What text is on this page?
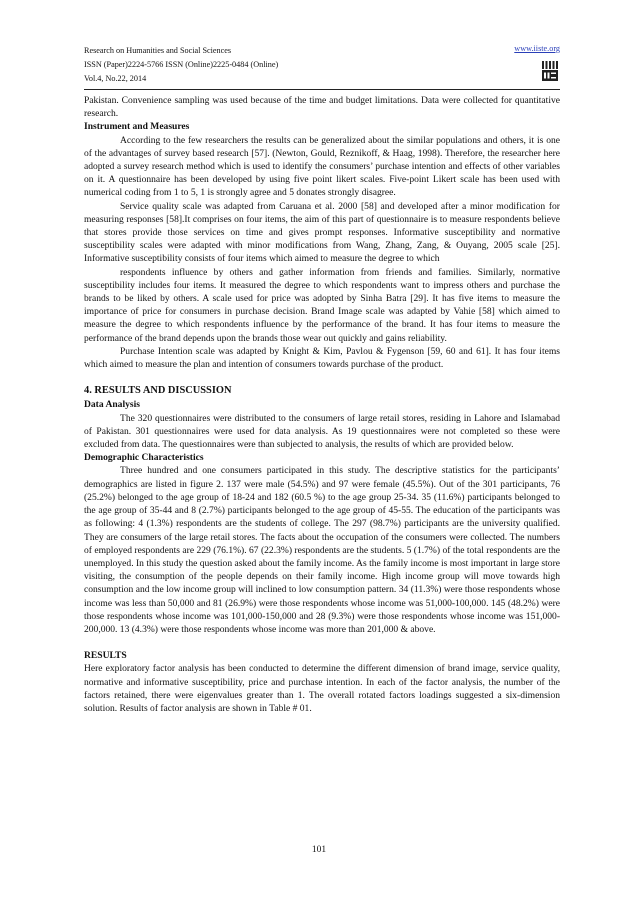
Research on Humanities and Social Sciences
ISSN (Paper)2224-5766 ISSN (Online)2225-0484 (Online)
Vol.4, No.22, 2014
www.iiste.org

Pakistan. Convenience sampling was used because of the time and budget limitations. Data were collected for quantitative research.

Instrument and Measures

According to the few researchers the results can be generalized about the similar populations and others, it is one of the advantages of survey based research [57]. (Newton, Gould, Reznikoff, & Haag, 1998). Therefore, the researcher here adopted a survey research method which is used to identify the consumers’ purchase intention and effects of other variables on it. A questionnaire has been developed by using five point likert scales. Five-point Likert scale has been used with numerical coding from 1 to 5, 1 is strongly agree and 5 donates strongly disagree.

Service quality scale was adapted from Caruana et al. 2000 [58] and developed after a minor modification for measuring responses [58].It comprises on four items, the aim of this part of questionnaire is to measure respondents believe that stores provide those services on time and gives prompt responses. Informative susceptibility and normative susceptibility scales were adapted with minor modifications from Wang, Zhang, Zang, & Ouyang, 2005 scale [25]. Informative susceptibility consists of four items which aimed to measure the degree to which

respondents influence by others and gather information from friends and families. Similarly, normative susceptibility includes four items. It measured the degree to which respondents want to impress others and purchase the brands to be liked by others. A scale used for price was adopted by Sinha Batra [29]. It has five items to measure the importance of price for consumers in purchase decision. Brand Image scale was adapted by Vahie [58] which aimed to measure the degree to which respondents influence by the performance of the brand. It has four items to measure the performance of the brand depends upon the brands those wear out quickly and gains reliability.

Purchase Intention scale was adapted by Knight & Kim, Pavlou & Fygenson [59, 60 and 61]. It has four items which aimed to measure the plan and intention of consumers towards purchase of the product.

4. RESULTS AND DISCUSSION

Data Analysis

The 320 questionnaires were distributed to the consumers of large retail stores, residing in Lahore and Islamabad of Pakistan. 301 questionnaires were used for data analysis. As 19 questionnaires were not completed so these were excluded from data. The questionnaires were than subjected to analysis, the results of which are provided below.

Demographic Characteristics

Three hundred and one consumers participated in this study. The descriptive statistics for the participants’ demographics are listed in figure 2. 137 were male (54.5%) and 97 were female (45.5%). Out of the 301 participants, 76 (25.2%) belonged to the age group of 18-24 and 182 (60.5 %) to the age group 25-34. 35 (11.6%) participants belonged to the age group of 35-44 and 8 (2.7%) participants belonged to the age group of 45-55. The education of the participants was as following: 4 (1.3%) respondents are the students of college. The 297 (98.7%) participants are the university qualified. They are consumers of the large retail stores. The facts about the occupation of the consumers were collected. The numbers of employed respondents are 229 (76.1%). 67 (22.3%) respondents are the students. 5 (1.7%) of the total respondents are the unemployed. In this study the question asked about the family income. As the family income is most important in large store visiting, the consumption of the people depends on their family income. High income group will move towards high consumption and the low income group will inclined to low consumption pattern. 34 (11.3%) were those respondents whose income was less than 50,000 and 81 (26.9%) were those respondents whose income was 51,000-100,000. 145 (48.2%) were those respondents whose income was 101,000-150,000 and 28 (9.3%) were those respondents whose income was 151,000-200,000. 13 (4.3%) were those respondents whose income was more than 201,000 & above.

RESULTS

Here exploratory factor analysis has been conducted to determine the different dimension of brand image, service quality, normative and informative susceptibility, price and purchase intention. In each of the factor analysis, the number of the factors retained, there were eigenvalues greater than 1. The overall rotated factors loadings suggested a six-dimension solution. Results of factor analysis are shown in Table # 01.

101
